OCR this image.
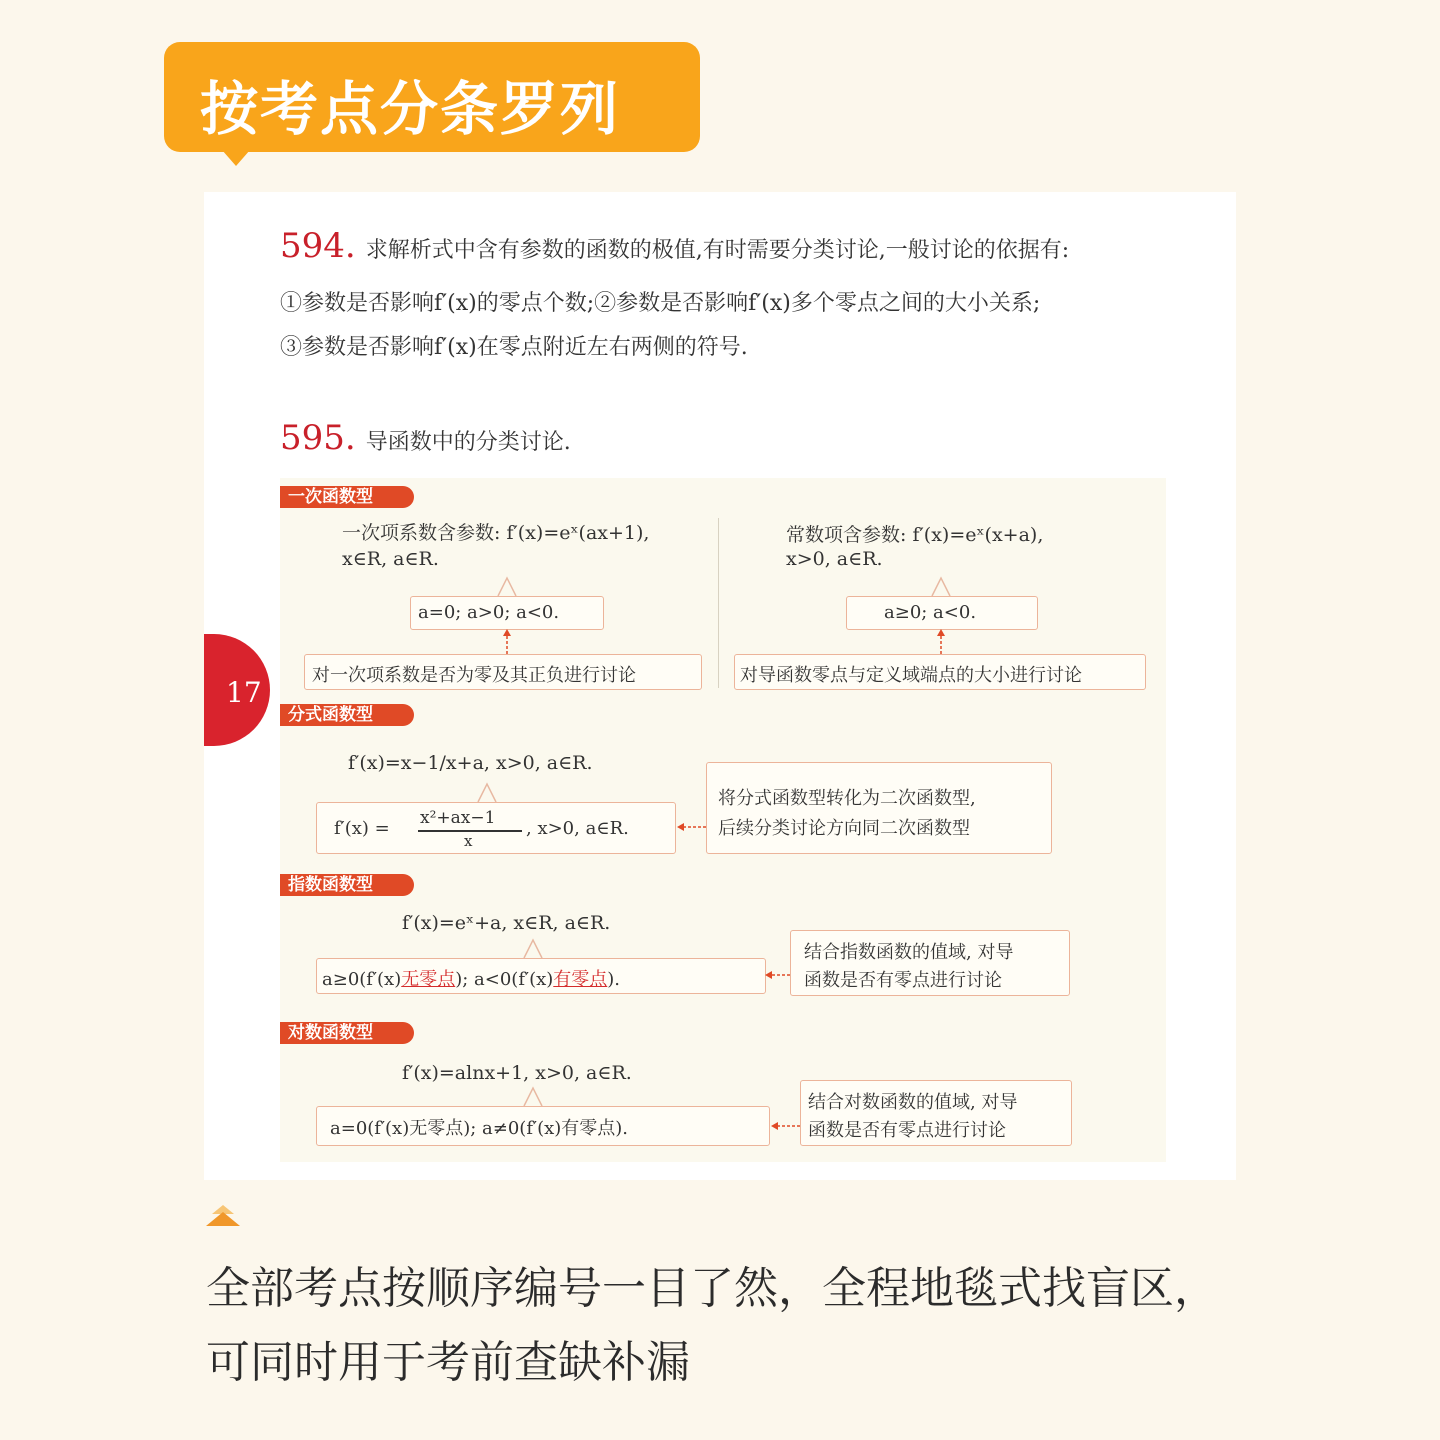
按考点分条罗列
17
594. 求解析式中含有参数的函数的极值,有时需要分类讨论,一般讨论的依据有:
①参数是否影响f′(x)的零点个数;②参数是否影响f′(x)多个零点之间的大小关系;
③参数是否影响f′(x)在零点附近左右两侧的符号.
595. 导函数中的分类讨论.
一次函数型
一次项系数含参数: f′(x)=eˣ(ax+1),
x∈R, a∈R.
a=0; a>0; a<0.
对一次项系数是否为零及其正负进行讨论
常数项含参数: f′(x)=eˣ(x+a),
x>0, a∈R.
a≥0; a<0.
对导函数零点与定义域端点的大小进行讨论
分式函数型
f′(x)=x−1/x+a, x>0, a∈R.
f′(x) = x²+ax−1
x
, x>0, a∈R.
将分式函数型转化为二次函数型,
后续分类讨论方向同二次函数型
指数函数型
f′(x)=eˣ+a, x∈R, a∈R.
a≥0(f′(x)无零点); a<0(f′(x)有零点).
结合指数函数的值域, 对导
函数是否有零点进行讨论
对数函数型
f′(x)=alnx+1, x>0, a∈R.
a=0(f′(x)无零点); a≠0(f′(x)有零点).
结合对数函数的值域, 对导
函数是否有零点进行讨论
全部考点按顺序编号一目了然，全程地毯式找盲区，可同时用于考前查缺补漏
